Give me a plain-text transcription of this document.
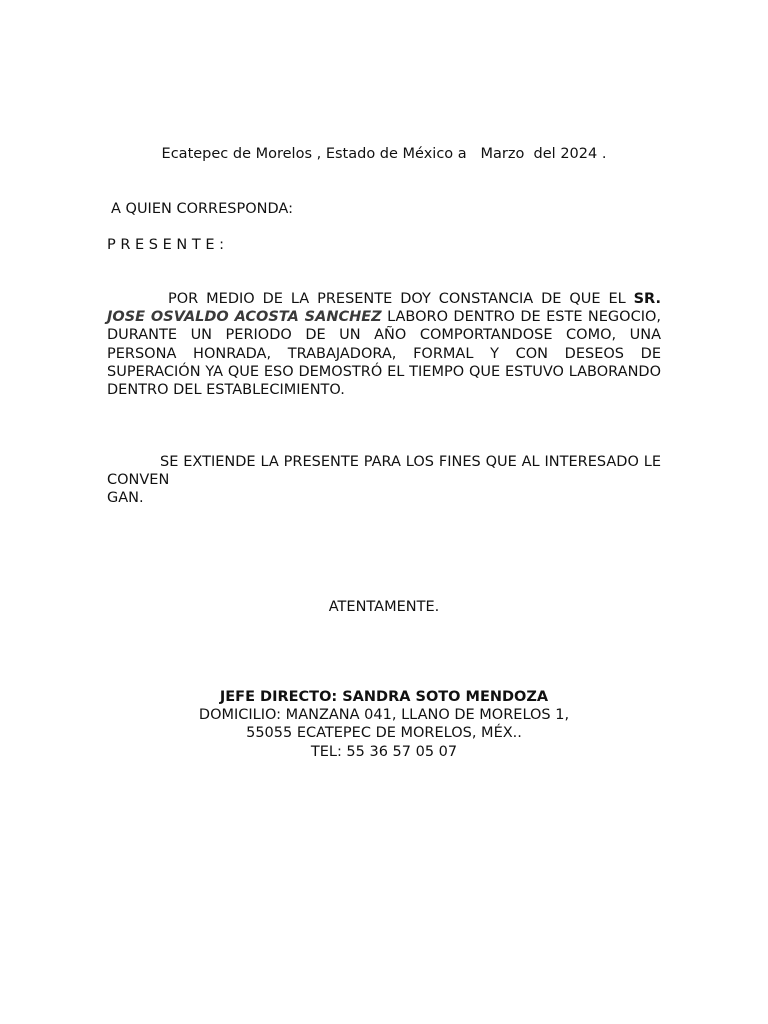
Ecatepec de Morelos , Estado de México a   Marzo  del 2024 .
A QUIEN CORRESPONDA:
P R E S E N T E :
POR MEDIO DE LA PRESENTE DOY CONSTANCIA DE QUE EL SR. JOSE OSVALDO ACOSTA SANCHEZ LABORO DENTRO DE ESTE NEGOCIO, DURANTE UN PERIODO DE UN AÑO COMPORTANDOSE COMO, UNA PERSONA HONRADA, TRABAJADORA, FORMAL Y CON DESEOS DE SUPERACIÓN YA QUE ESO DEMOSTRÓ EL TIEMPO QUE ESTUVO LABORANDO DENTRO DEL ESTABLECIMIENTO.
SE EXTIENDE LA PRESENTE PARA LOS FINES QUE AL INTERESADO LE CONVEN
GAN.
ATENTAMENTE.
JEFE DIRECTO: SANDRA SOTO MENDOZA
DOMICILIO: MANZANA 041, LLANO DE MORELOS 1,
55055 ECATEPEC DE MORELOS, MÉX..
TEL: 55 36 57 05 07
